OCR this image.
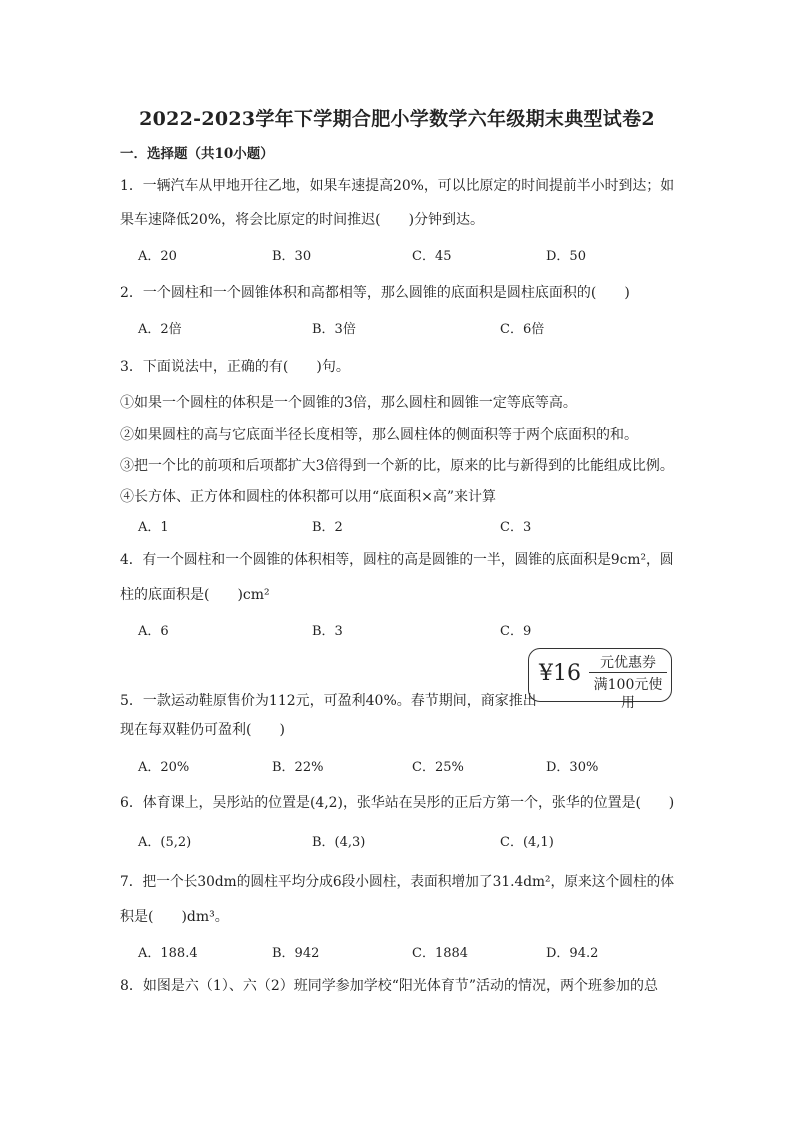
2022-2023学年下学期合肥小学数学六年级期末典型试卷2
一．选择题（共10小题）
1．一辆汽车从甲地开往乙地，如果车速提高20%，可以比原定的时间提前半小时到达；如
果车速降低20%，将会比原定的时间推迟(　　)分钟到达。
A．20	B．30	C．45	D．50
2．一个圆柱和一个圆锥体积和高都相等，那么圆锥的底面积是圆柱底面积的(　　)
A．2倍	B．3倍	C．6倍
3．下面说法中，正确的有(　　)句。
①如果一个圆柱的体积是一个圆锥的3倍，那么圆柱和圆锥一定等底等高。
②如果圆柱的高与它底面半径长度相等，那么圆柱体的侧面积等于两个底面积的和。
③把一个比的前项和后项都扩大3倍得到一个新的比，原来的比与新得到的比能组成比例。
④长方体、正方体和圆柱的体积都可以用“底面积×高”来计算
A．1	B．2	C．3
4．有一个圆柱和一个圆锥的体积相等，圆柱的高是圆锥的一半，圆锥的底面积是9cm²，圆
柱的底面积是(　　)cm²
A．6	B．3	C．9
¥16	元优惠券
满100元使用
5．一款运动鞋原售价为112元，可盈利40%。春节期间，商家推出
现在每双鞋仍可盈利(　　)
A．20%	B．22%	C．25%	D．30%
6．体育课上，吴彤站的位置是(4,2)，张华站在吴彤的正后方第一个，张华的位置是(　　)
A．(5,2)	B．(4,3)	C．(4,1)
7．把一个长30dm的圆柱平均分成6段小圆柱，表面积增加了31.4dm²，原来这个圆柱的体
积是(　　)dm³。
A．188.4	B．942	C．1884	D．94.2
8．如图是六（1）、六（2）班同学参加学校“阳光体育节”活动的情况，两个班参加的总
